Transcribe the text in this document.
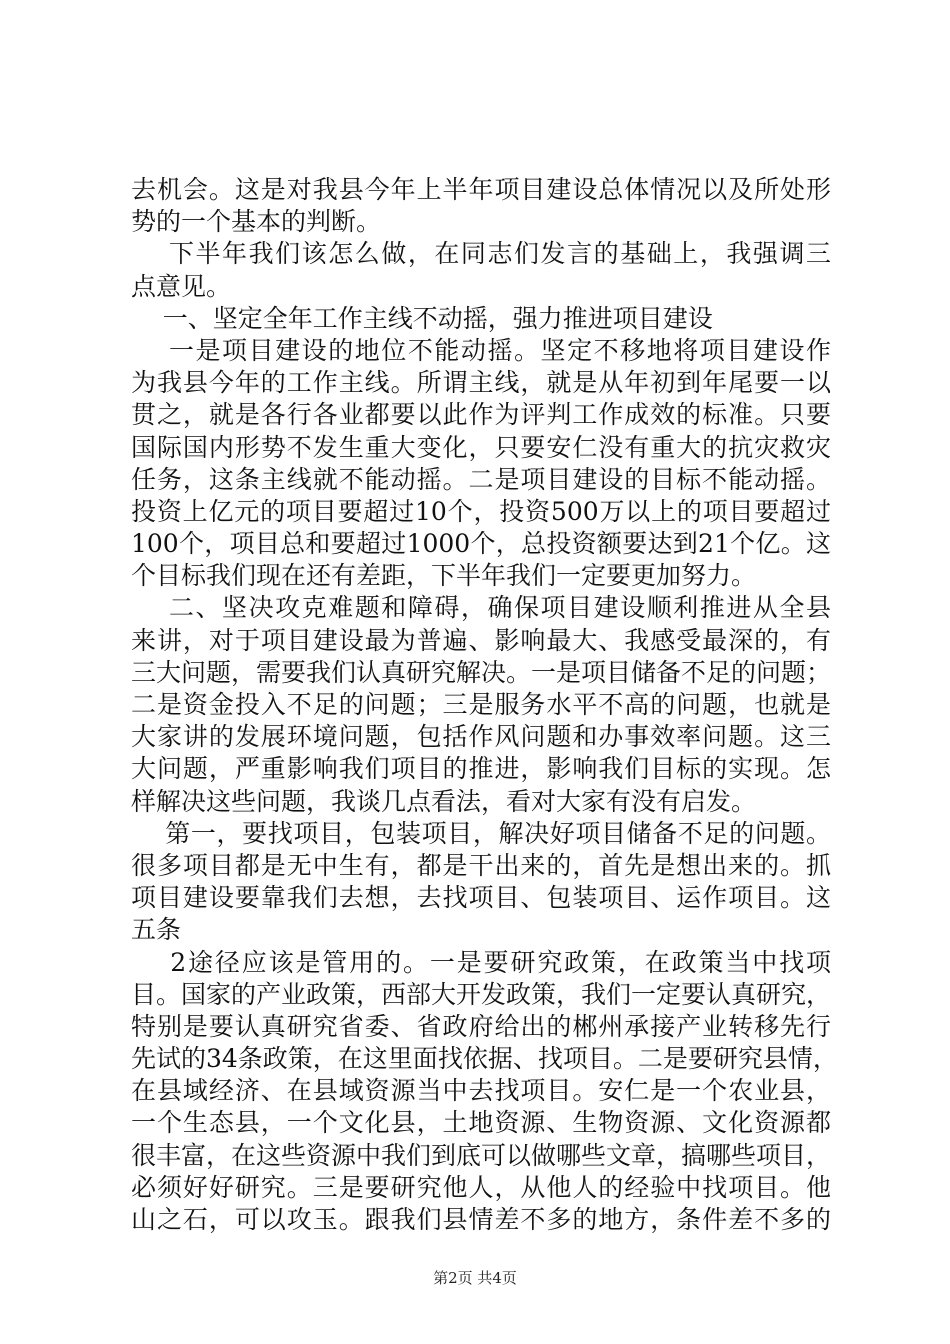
去机会。这是对我县今年上半年项目建设总体情况以及所处形
势的一个基本的判断。
下半年我们该怎么做，在同志们发言的基础上，我强调三
点意见。
一、坚定全年工作主线不动摇，强力推进项目建设
一是项目建设的地位不能动摇。坚定不移地将项目建设作
为我县今年的工作主线。所谓主线，就是从年初到年尾要一以
贯之，就是各行各业都要以此作为评判工作成效的标准。只要
国际国内形势不发生重大变化，只要安仁没有重大的抗灾救灾
任务，这条主线就不能动摇。二是项目建设的目标不能动摇。
投资上亿元的项目要超过10个，投资500万以上的项目要超过
100个，项目总和要超过1000个，总投资额要达到21个亿。这
个目标我们现在还有差距，下半年我们一定要更加努力。
二、坚决攻克难题和障碍，确保项目建设顺利推进从全县
来讲，对于项目建设最为普遍、影响最大、我感受最深的，有
三大问题，需要我们认真研究解决。一是项目储备不足的问题；
二是资金投入不足的问题；三是服务水平不高的问题，也就是
大家讲的发展环境问题，包括作风问题和办事效率问题。这三
大问题，严重影响我们项目的推进，影响我们目标的实现。怎
样解决这些问题，我谈几点看法，看对大家有没有启发。
第一，要找项目，包装项目，解决好项目储备不足的问题。
很多项目都是无中生有，都是干出来的，首先是想出来的。抓
项目建设要靠我们去想，去找项目、包装项目、运作项目。这
五条
2途径应该是管用的。一是要研究政策，在政策当中找项
目。国家的产业政策，西部大开发政策，我们一定要认真研究，
特别是要认真研究省委、省政府给出的郴州承接产业转移先行
先试的34条政策，在这里面找依据、找项目。二是要研究县情，
在县域经济、在县域资源当中去找项目。安仁是一个农业县，
一个生态县，一个文化县，土地资源、生物资源、文化资源都
很丰富，在这些资源中我们到底可以做哪些文章，搞哪些项目，
必须好好研究。三是要研究他人，从他人的经验中找项目。他
山之石，可以攻玉。跟我们县情差不多的地方，条件差不多的
第2页 共4页
